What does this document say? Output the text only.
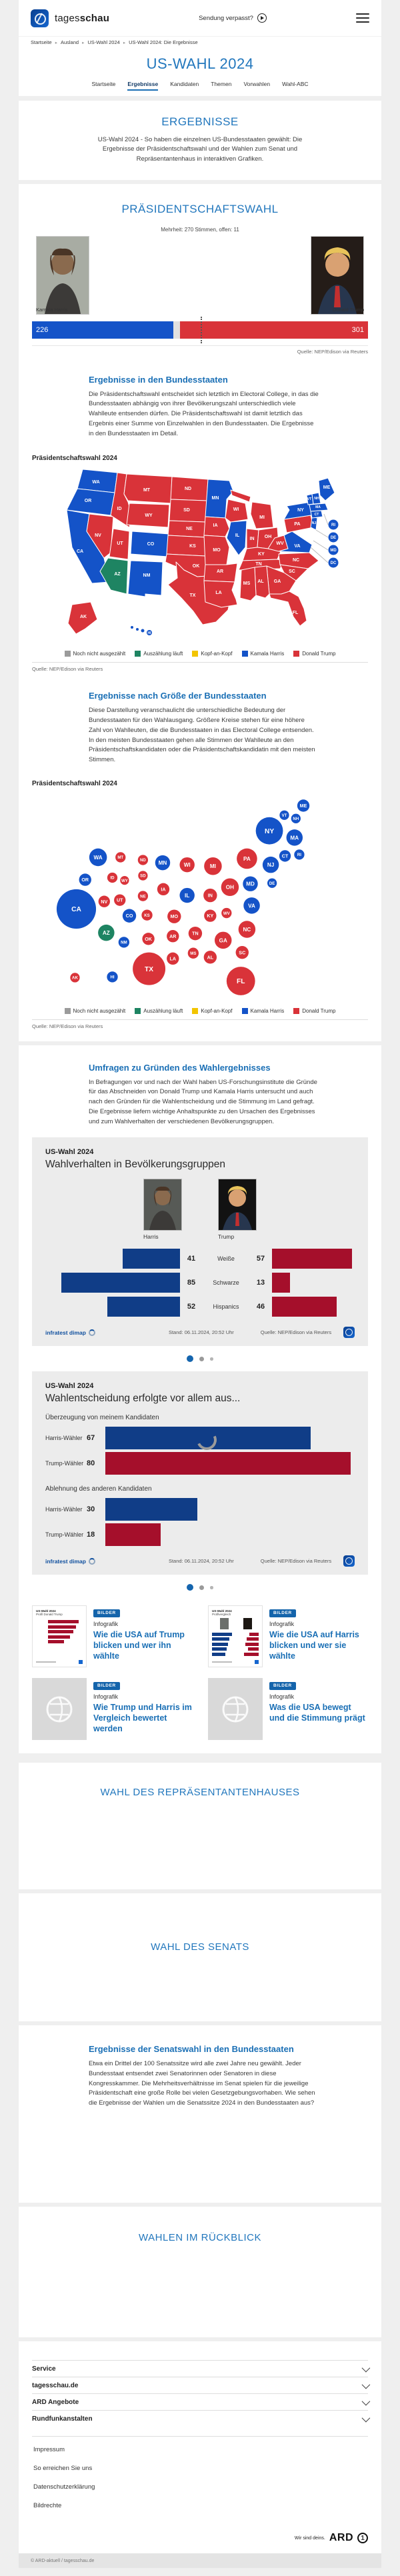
tagesschau	Sendung verpasst?
Startseite ▸ Ausland ▸ US-Wahl 2024 ▸ US-Wahl 2024: Die Ergebnisse
US-WAHL 2024
Startseite Ergebnisse Kandidaten Themen Vorwahlen Wahl-ABC
ERGEBNISSE
US-Wahl 2024 - So haben die einzelnen US-Bundesstaaten gewählt: Die Ergebnisse der Präsidentschaftswahl und der Wahlen zum Senat und Repräsentantenhaus in interaktiven Grafiken.
PRÄSIDENTSCHAFTSWAHL
Mehrheit: 270 Stimmen, offen: 11
Kamala Harris	Donald Trump
226	301
Quelle: NEP/Edison via Reuters
Ergebnisse in den Bundesstaaten
Die Präsidentschaftswahl entscheidet sich letztlich im Electoral College, in das die Bundesstaaten abhängig von ihrer Bevölkerungszahl unterschiedlich viele Wahlleute entsenden dürfen. Die Präsidentschaftswahl ist damit letztlich das Ergebnis einer Summe von Einzelwahlen in den Bundesstaaten. Die Ergebnisse in den Bundesstaaten im Detail.
Präsidentschaftswahl 2024
WA
OR
CA
NV
ID
MT
WY
UT	CO
AZ	NM
ND
SD
NE
KS
OK
TX
MN
IA
MO
AR
LA
WI
IL
MI
IN OH
KY
TN
WV
VA
NC
SC
GA
AL
MS
FL
PA
NY
NJ
VT NH
ME
MA
CT
AK
HI
RI
DE
MD
DC
Noch nicht ausgezählt	Auszählung läuft	Kopf-an-Kopf	Kamala Harris	Donald Trump
Quelle: NEP/Edison via Reuters
Ergebnisse nach Größe der Bundesstaaten
Diese Darstellung veranschaulicht die unterschiedliche Bedeutung der Bundesstaaten für den Wahlausgang. Größere Kreise stehen für eine höhere Zahl von Wahlleuten, die die Bundesstaaten in das Electoral College entsenden. In den meisten Bundesstaaten gehen alle Stimmen der Wahlleute an den Präsidentschaftskandidaten oder die Präsidentschaftskandidatin mit den meisten Stimmen.
Präsidentschaftswahl 2024
ME
VT
NH
NY
MA
WA	MT
ND MN	WI	MI
PA
NJ
CT RI
OR	ID
WY
SD
IA	OH
MD	DE
NV UT
NE	IL	IN
CA
VA
CO	KS	MO	KY WV
AZ	TN
NC
NM
OK
AR
GA
MS
AL
SC
LA
TX
AK	HI
FL
Noch nicht ausgezählt	Auszählung läuft	Kopf-an-Kopf	Kamala Harris	Donald Trump
Quelle: NEP/Edison via Reuters
Umfragen zu Gründen des Wahlergebnisses
In Befragungen vor und nach der Wahl haben US-Forschungsinstitute die Gründe für das Abschneiden von Donald Trump und Kamala Harris untersucht und auch nach den Gründen für die Wahlentscheidung und die Stimmung im Land gefragt. Die Ergebnisse liefern wichtige Anhaltspunkte zu den Ursachen des Ergebnisses und zum Wahlverhalten der verschiedenen Bevölkerungsgruppen.
US-Wahl 2024
Wahlverhalten in Bevölkerungsgruppen
Harris	Trump
41	Weiße	57
85	Schwarze	13
52	Hispanics	46
infratest dimap	Stand: 06.11.2024, 20:52 Uhr	Quelle: NEP/Edison via Reuters
US-Wahl 2024
Wahlentscheidung erfolgte vor allem aus...
Überzeugung von meinem Kandidaten
Harris-Wähler 67
Trump-Wähler 80
Ablehnung des anderen Kandidaten
Harris-Wähler 30
Trump-Wähler 18
infratest dimap	Stand: 06.11.2024, 20:52 Uhr	Quelle: NEP/Edison via Reuters
US-Wahl 2024
Profil Donald Trump	BILDER
Infografik
Wie die USA auf Trump blicken und wer ihn wählte
US-Wahl 2024
Profilvergleich	BILDER
Infografik
Wie die USA auf Harris blicken und wer sie wählte
BILDER
Infografik
Wie Trump und Harris im Vergleich bewertet werden
BILDER
Infografik
Was die USA bewegt und die Stimmung prägt
WAHL DES REPRÄSENTANTENHAUSES
WAHL DES SENATS
Ergebnisse der Senatswahl in den Bundesstaaten
Etwa ein Drittel der 100 Senatssitze wird alle zwei Jahre neu gewählt. Jeder Bundesstaat entsendet zwei Senatorinnen oder Senatoren in diese Kongresskammer. Die Mehrheitsverhältnisse im Senat spielen für die jeweilige Präsidentschaft eine große Rolle bei vielen Gesetzgebungsvorhaben. Wie sehen die Ergebnisse der Wahlen um die Senatssitze 2024 in den Bundesstaaten aus?
WAHLEN IM RÜCKBLICK
Service
tagesschau.de
ARD Angebote
Rundfunkanstalten
Impressum
So erreichen Sie uns
Datenschutzerklärung
Bildrechte
Wir sind deins. ARD	1
© ARD-aktuell / tagesschau.de
